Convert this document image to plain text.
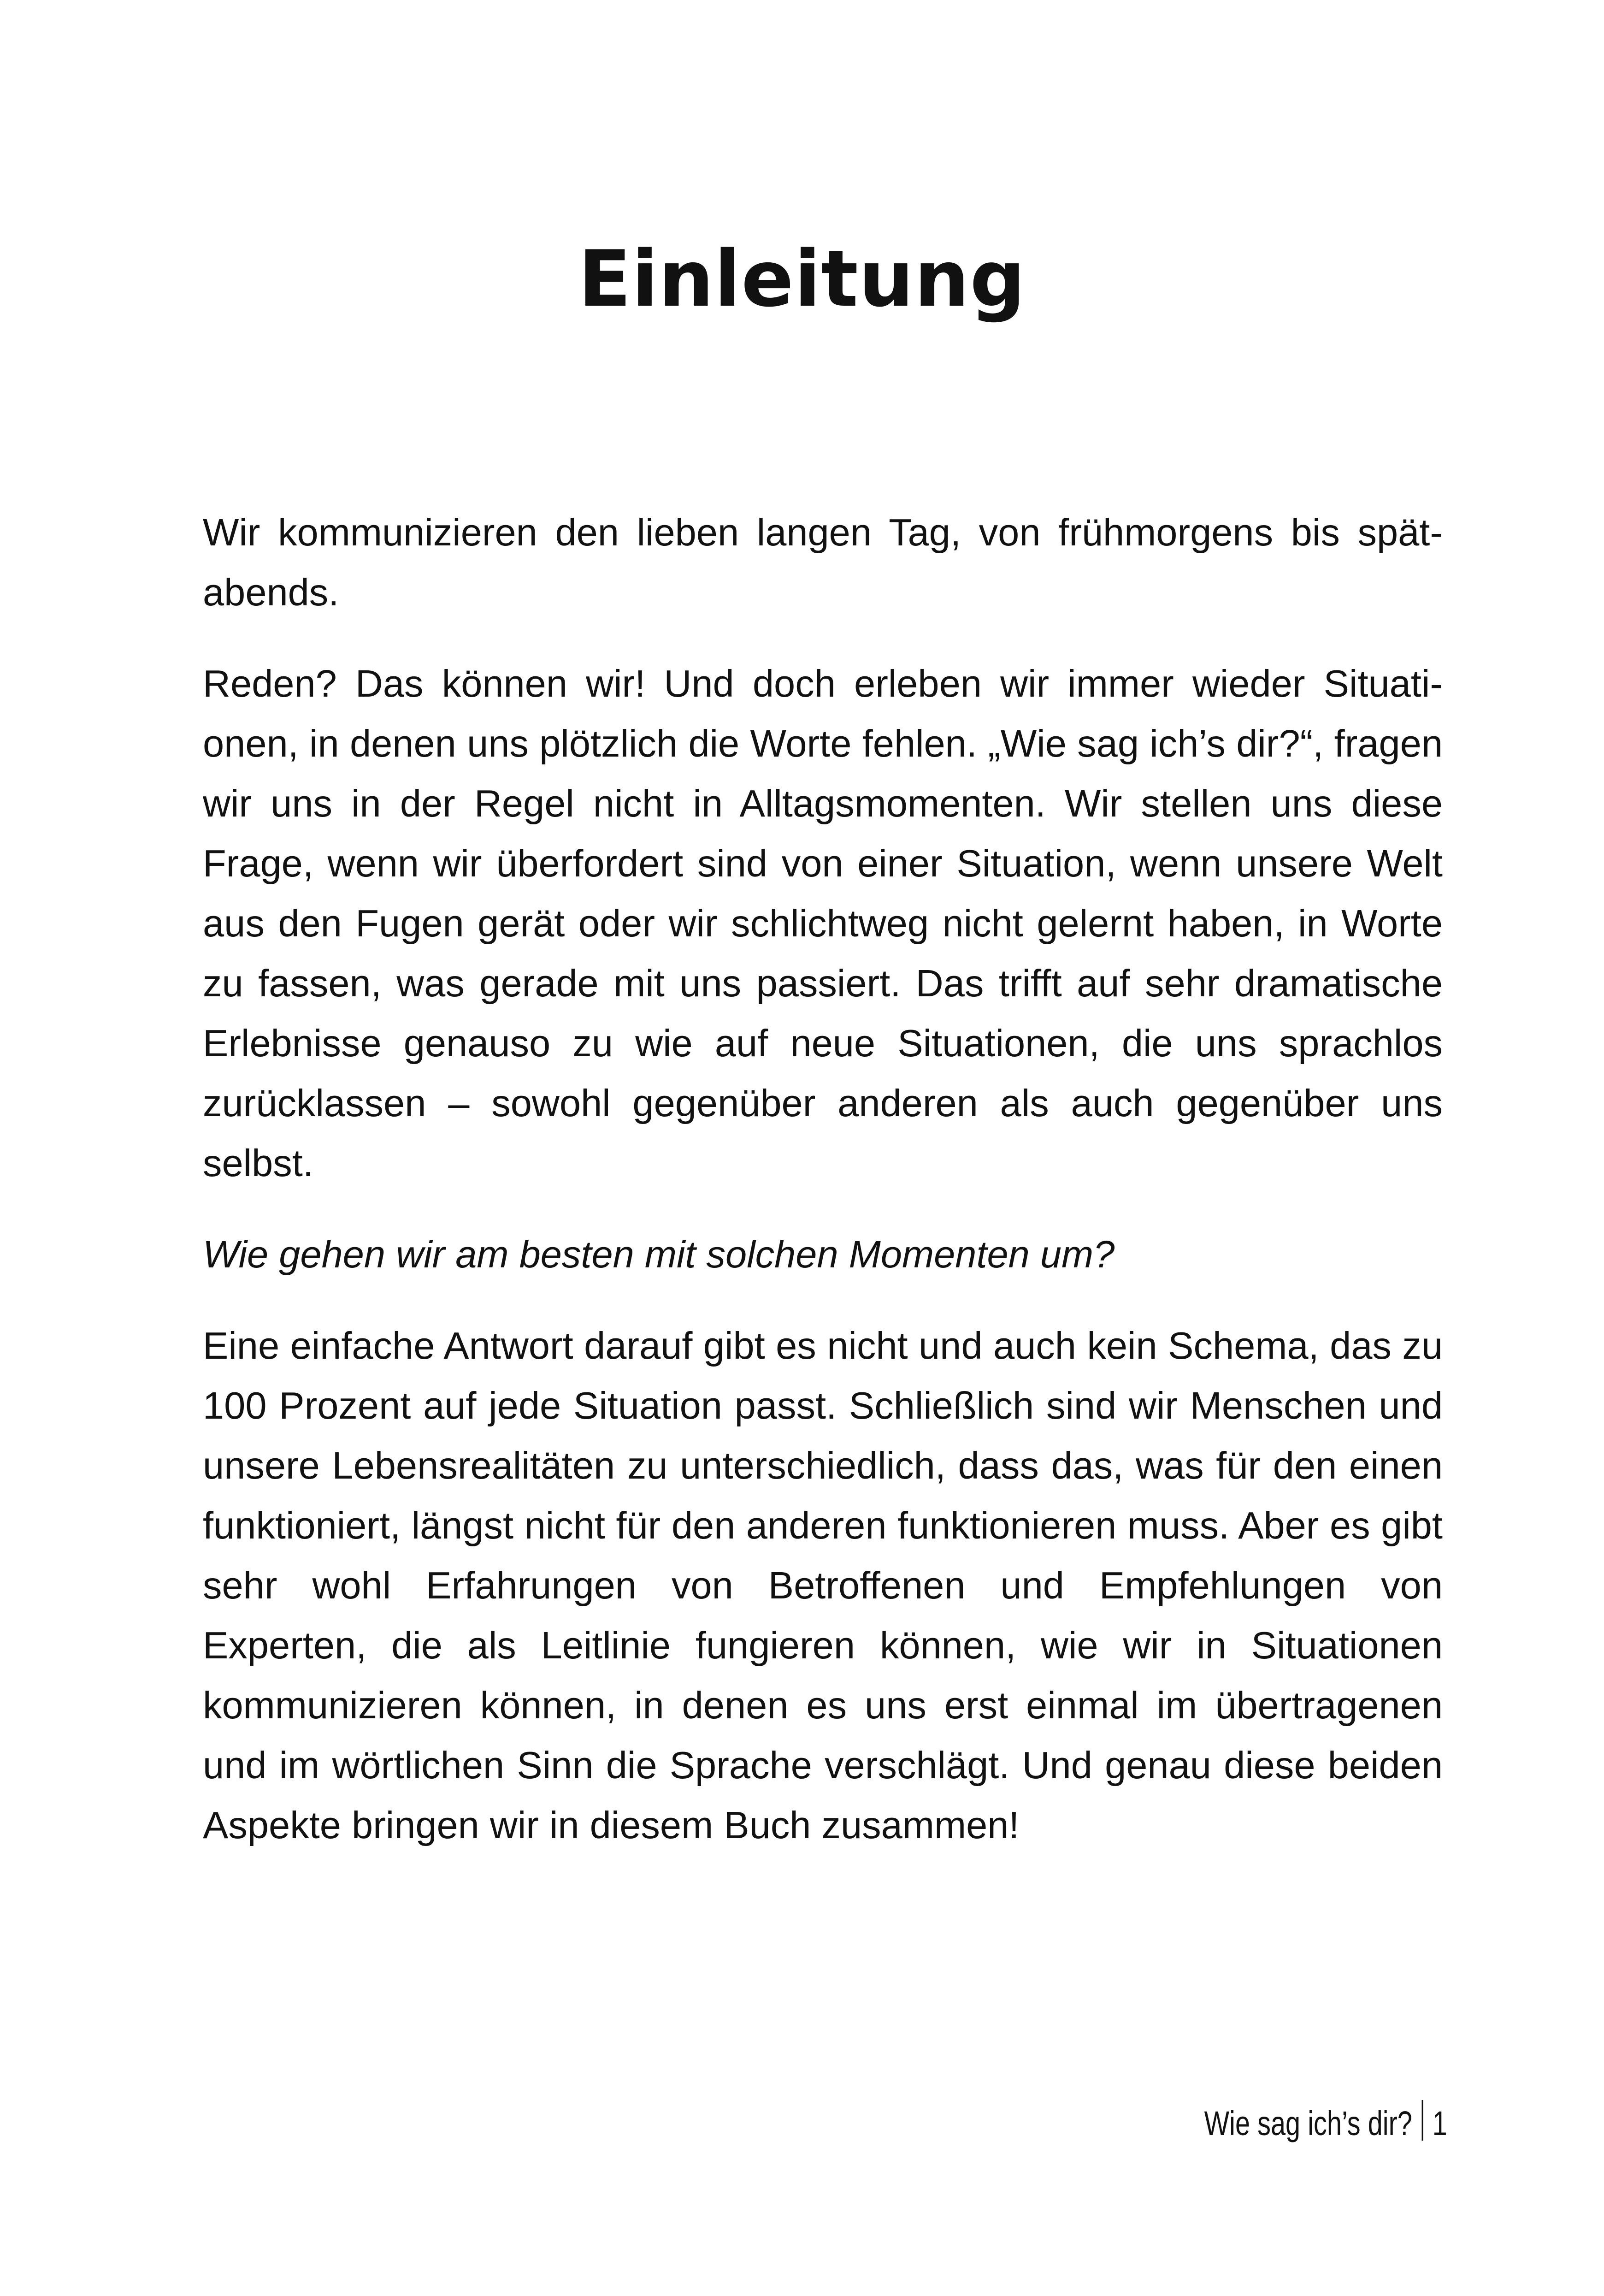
Einleitung

Wir kommunizieren den lieben langen Tag, von frühmorgens bis spätabends.

Reden? Das können wir! Und doch erleben wir immer wieder Situationen, in denen uns plötzlich die Worte fehlen. „Wie sag ich’s dir?“, fragen wir uns in der Regel nicht in Alltagsmomenten. Wir stellen uns diese Frage, wenn wir überfordert sind von einer Situation, wenn unsere Welt aus den Fugen gerät oder wir schlichtweg nicht gelernt haben, in Worte zu fassen, was gerade mit uns passiert. Das trifft auf sehr dramatische Erlebnisse genauso zu wie auf neue Situationen, die uns sprachlos zurücklassen – sowohl gegenüber anderen als auch gegenüber uns selbst.

Wie gehen wir am besten mit solchen Momenten um?

Eine einfache Antwort darauf gibt es nicht und auch kein Schema, das zu 100 Prozent auf jede Situation passt. Schließlich sind wir Menschen und unsere Lebensrealitäten zu unterschiedlich, dass das, was für den einen funktioniert, längst nicht für den anderen funktionieren muss. Aber es gibt sehr wohl Erfahrungen von Betroffenen und Empfehlungen von Experten, die als Leitlinie fungieren können, wie wir in Situationen kommunizieren können, in denen es uns erst einmal im übertragenen und im wörtlichen Sinn die Sprache verschlägt. Und genau diese beiden Aspekte bringen wir in diesem Buch zusammen!

Wie sag ich’s dir? 1
